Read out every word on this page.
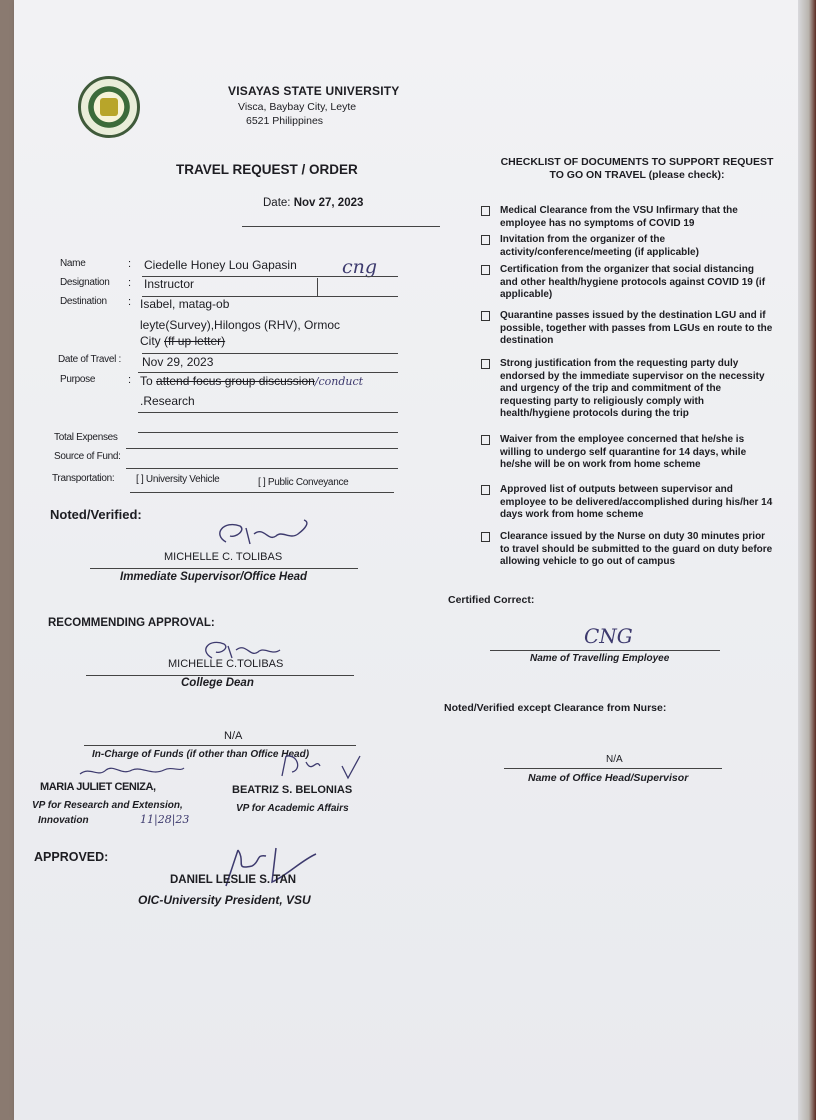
VISAYAS STATE UNIVERSITY
Visca, Baybay City, Leyte
6521 Philippines
TRAVEL REQUEST / ORDER
Date: Nov 27, 2023
Name	: Ciedelle Honey Lou Gapasin cng
Designation : Instructor
Destination : Isabel, matag-ob
leyte(Survey),Hilongos (RHV), Ormoc
City (ff up letter)
Date of Travel : Nov 29, 2023
Purpose	: To attend focus group discussion/conduct
.Research
Total Expenses
Source of Fund:
Transportation: [ ] University Vehicle	[ ] Public Conveyance
Noted/Verified:
MICHELLE C. TOLIBAS
Immediate Supervisor/Office Head
RECOMMENDING APPROVAL:
MICHELLE C.TOLIBAS
College Dean
N/A
In-Charge of Funds (if other than Office Head)
MARIA JULIET CENIZA,
VP for Research and Extension,
Innovation	11|28|23
BEATRIZ S. BELONIAS
VP for Academic Affairs
APPROVED:
DANIEL LESLIE S. TAN
OIC-University President, VSU
CHECKLIST OF DOCUMENTS TO SUPPORT REQUEST
TO GO ON TRAVEL (please check):
Medical Clearance from the VSU Infirmary that the employee has no symptoms of COVID 19
Invitation from the organizer of the activity/conference/meeting (if applicable)
Certification from the organizer that social distancing and other health/hygiene protocols against COVID 19 (if applicable)
Quarantine passes issued by the destination LGU and if possible, together with passes from LGUs en route to the destination
Strong justification from the requesting party duly endorsed by the immediate supervisor on the necessity and urgency of the trip and commitment of the requesting party to religiously comply with health/hygiene protocols during the trip
Waiver from the employee concerned that he/she is willing to undergo self quarantine for 14 days, while he/she will be on work from home scheme
Approved list of outputs between supervisor and employee to be delivered/accomplished during his/her 14 days work from home scheme
Clearance issued by the Nurse on duty 30 minutes prior to travel should be submitted to the guard on duty before allowing vehicle to go out of campus
Certified Correct:
CNG
Name of Travelling Employee
Noted/Verified except Clearance from Nurse:
N/A
Name of Office Head/Supervisor
